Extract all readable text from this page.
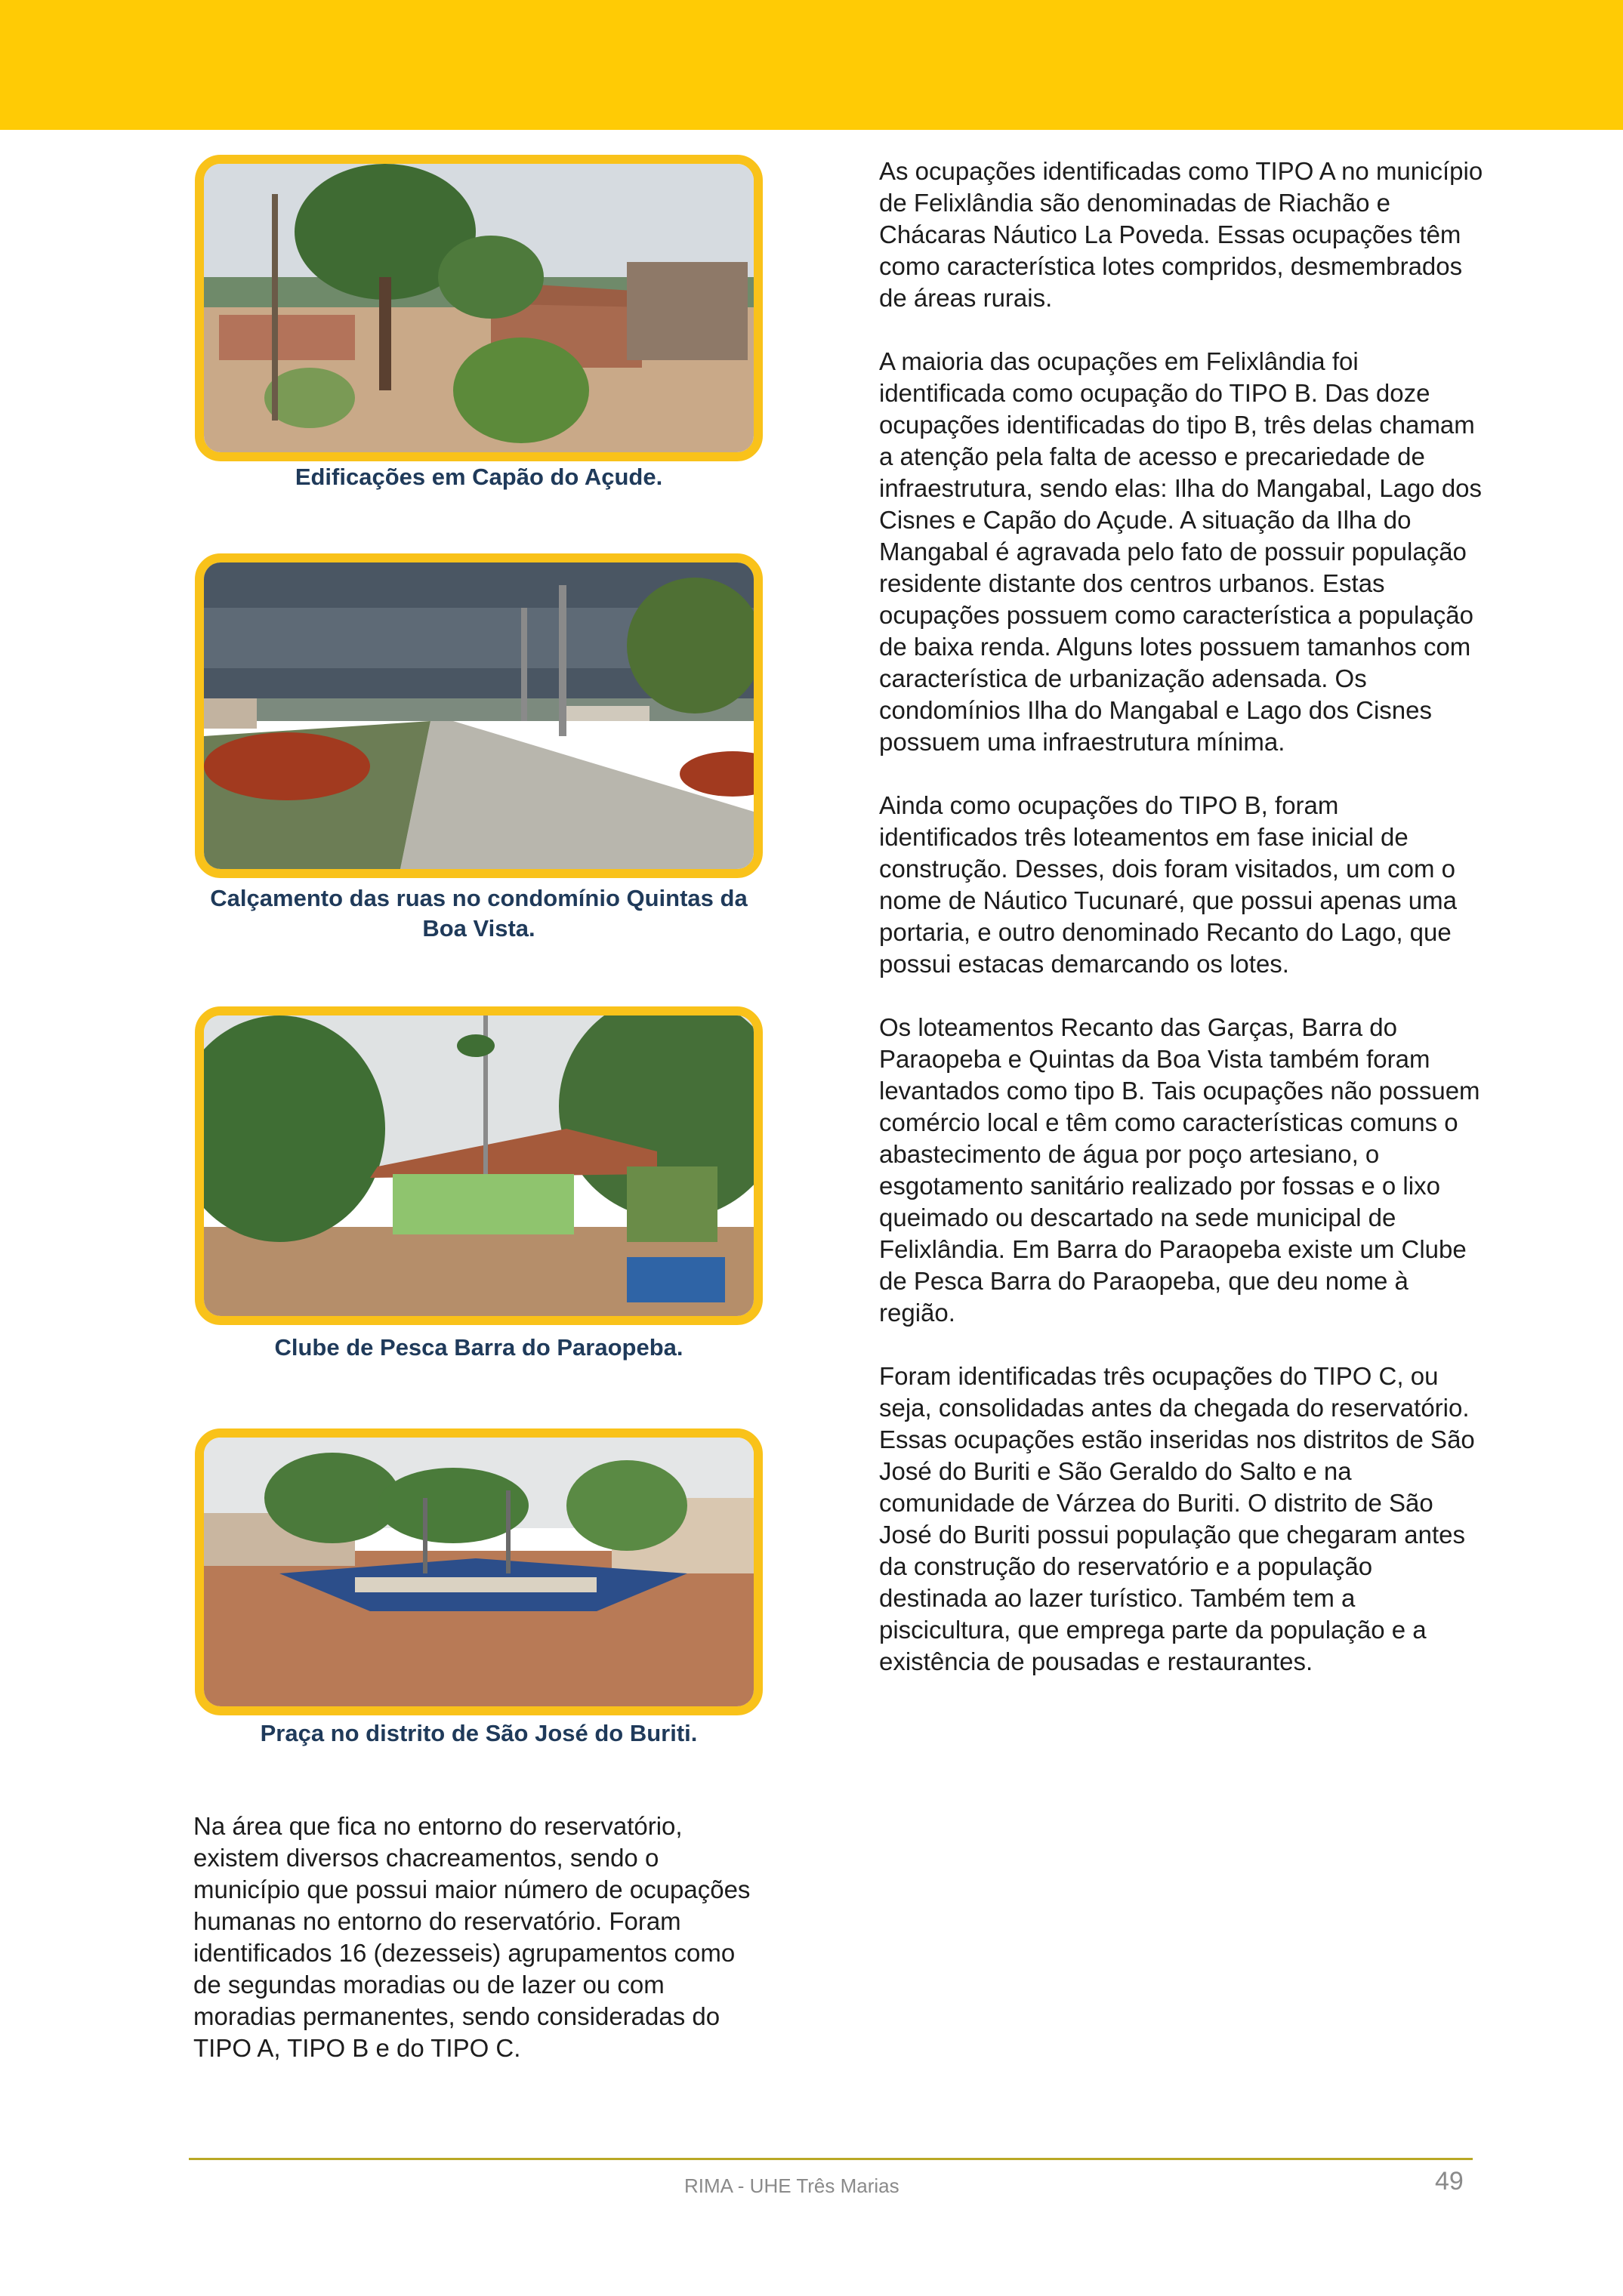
Edificações em Capão do Açude.
Calçamento das ruas no condomínio Quintas da Boa Vista.
Clube de Pesca Barra do Paraopeba.
Praça no distrito de São José do Buriti.

Na área que fica no entorno do reservatório, existem diversos chacreamentos, sendo o município que possui maior número de ocupações humanas no entorno do reservatório. Foram identificados 16 (dezesseis) agrupamentos como de segundas moradias ou de lazer ou com moradias permanentes, sendo consideradas do TIPO A, TIPO B e do TIPO C.

As ocupações identificadas como TIPO A no município de Felixlândia são denominadas de Riachão e Chácaras Náutico La Poveda. Essas ocupações têm como característica lotes compridos, desmembrados de áreas rurais.

A maioria das ocupações em Felixlândia foi identificada como ocupação do TIPO B. Das doze ocupações identificadas do tipo B, três delas chamam a atenção pela falta de acesso e precariedade de infraestrutura, sendo elas: Ilha do Mangabal, Lago dos Cisnes e Capão do Açude. A situação da Ilha do Mangabal é agravada pelo fato de possuir população residente distante dos centros urbanos. Estas ocupações possuem como característica a população de baixa renda. Alguns lotes possuem tamanhos com característica de urbanização adensada. Os condomínios Ilha do Mangabal e Lago dos Cisnes possuem uma infraestrutura mínima.

Ainda como ocupações do TIPO B, foram identificados três loteamentos em fase inicial de construção. Desses, dois foram visitados, um com o nome de Náutico Tucunaré, que possui apenas uma portaria, e outro denominado Recanto do Lago, que possui estacas demarcando os lotes.

Os loteamentos Recanto das Garças, Barra do Paraopeba e Quintas da Boa Vista também foram levantados como tipo B. Tais ocupações não possuem comércio local e têm como características comuns o abastecimento de água por poço artesiano, o esgotamento sanitário realizado por fossas e o lixo queimado ou descartado na sede municipal de Felixlândia. Em Barra do Paraopeba existe um Clube de Pesca Barra do Paraopeba, que deu nome à região.

Foram identificadas três ocupações do TIPO C, ou seja, consolidadas antes da chegada do reservatório. Essas ocupações estão inseridas nos distritos de São José do Buriti e São Geraldo do Salto e na comunidade de Várzea do Buriti. O distrito de São José do Buriti possui população que chegaram antes da construção do reservatório e a população destinada ao lazer turístico. Também tem a piscicultura, que emprega parte da população e a existência de pousadas e restaurantes.

RIMA - UHE Três Marias	49
